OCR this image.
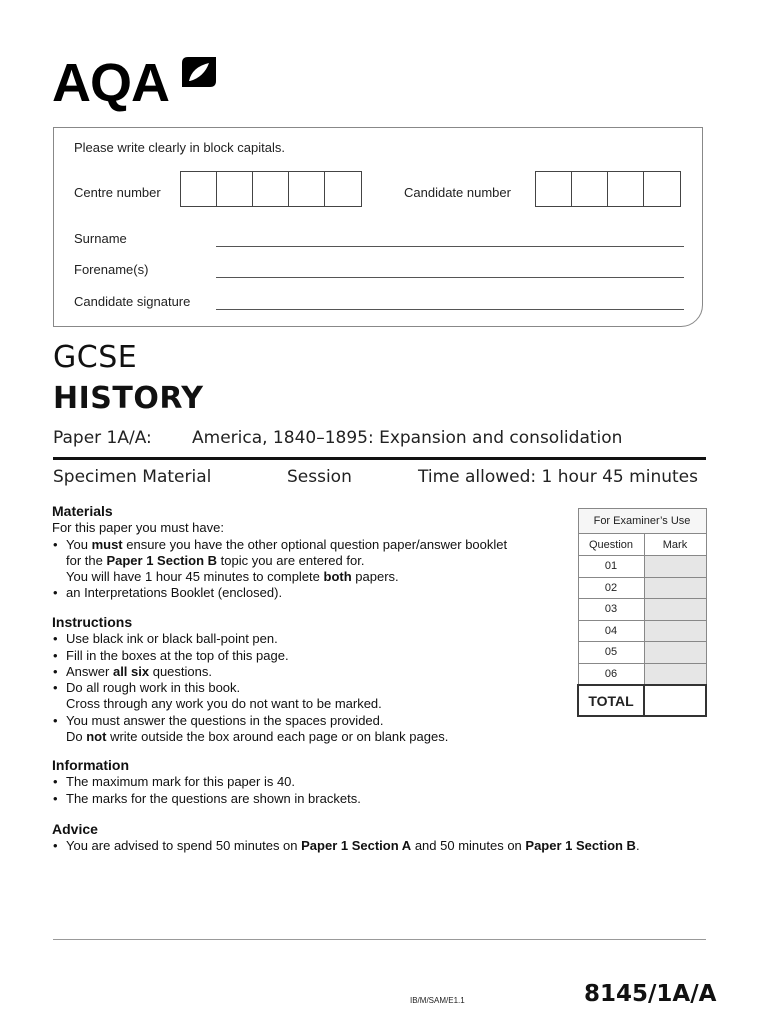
AQA
Please write clearly in block capitals.
Centre number	Candidate number
Surname
Forename(s)
Candidate signature
GCSE
HISTORY
Paper 1A/A: America, 1840–1895: Expansion and consolidation
Specimen Material	Session	Time allowed: 1 hour 45 minutes
Materials

For this paper you must have:

• You must ensure you have the other optional question paper/answer booklet
for the Paper 1 Section B topic you are entered for.
You will have 1 hour 45 minutes to complete both papers.
• an Interpretations Booklet (enclosed).
Instructions
• Use black ink or black ball-point pen.
• Fill in the boxes at the top of this page.
• Answer all six questions.
• Do all rough work in this book.
Cross through any work you do not want to be marked.
• You must answer the questions in the spaces provided.
Do not write outside the box around each page or on blank pages.
Information
• The maximum mark for this paper is 40.
• The marks for the questions are shown in brackets.
Advice
• You are advised to spend 50 minutes on Paper 1 Section A and 50 minutes on Paper 1 Section B.
For Examiner’s Use	
Question	Mark
01	
02	
03	
04	
05	
06	
TOTAL	
IB/M/SAM/E1.1	8145/1A/A
